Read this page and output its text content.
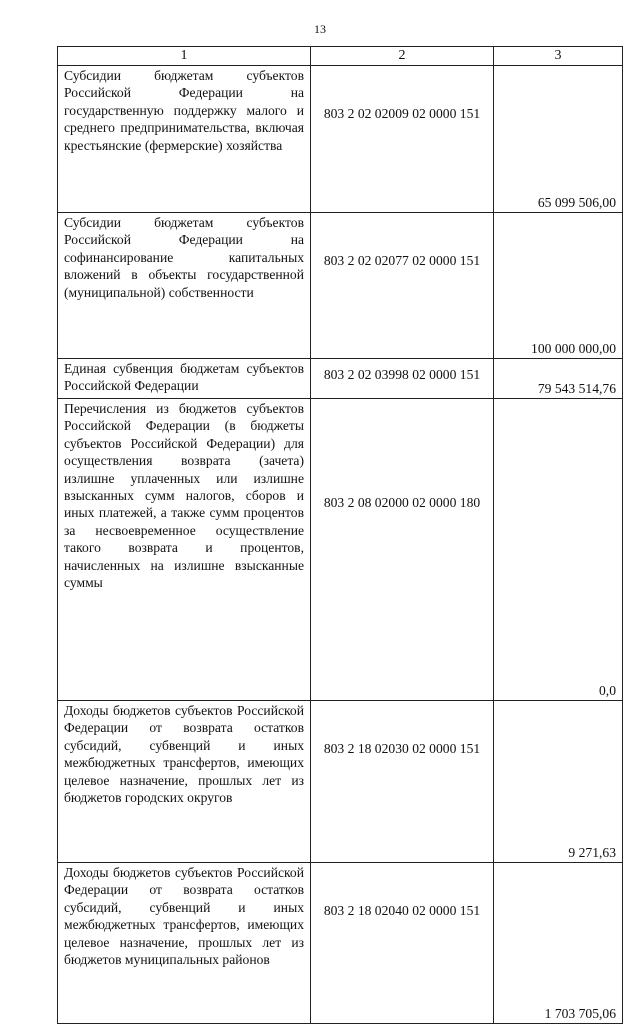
13
1	2	3
Субсидии бюджетам субъектов Российской Федерации на государственную поддержку малого и среднего предпринимательства, включая крестьянские (фермерские) хозяйства	803 2 02 02009 02 0000 151	65 099 506,00
Субсидии бюджетам субъектов Российской Федерации на софинансирование капитальных вложений в объекты государственной (муниципальной) собственности	803 2 02 02077 02 0000 151	100 000 000,00
Единая субвенция бюджетам субъектов Российской Федерации	803 2 02 03998 02 0000 151	79 543 514,76
Перечисления из бюджетов субъектов Российской Федерации (в бюджеты субъектов Российской Федерации) для осуществления возврата (зачета) излишне уплаченных или излишне взысканных сумм налогов, сборов и иных платежей, а также сумм процентов за несвоевременное осуществление такого возврата и процентов, начисленных на излишне взысканные суммы	803 2 08 02000 02 0000 180	0,0
Доходы бюджетов субъектов Российской Федерации от возврата остатков субсидий, субвенций и иных межбюджетных трансфертов, имеющих целевое назначение, прошлых лет из бюджетов городских округов	803 2 18 02030 02 0000 151	9 271,63
Доходы бюджетов субъектов Российской Федерации от возврата остатков субсидий, субвенций и иных межбюджетных трансфертов, имеющих целевое назначение, прошлых лет из бюджетов муниципальных районов	803 2 18 02040 02 0000 151	1 703 705,06
